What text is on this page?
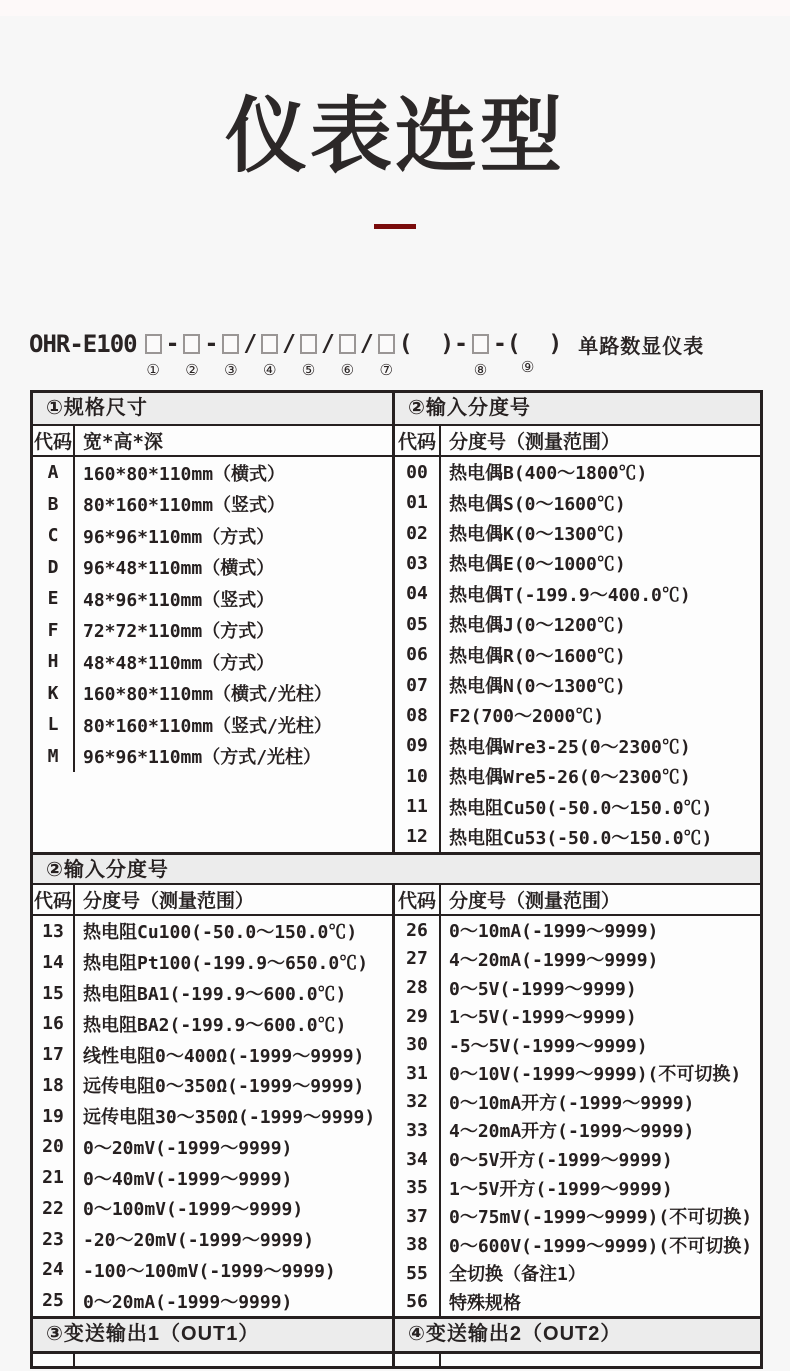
仪表选型
OHR-E100
①
-
②
-
③
/
④
/
⑤
/
⑥
/
⑦
(  )-
⑧
-(  )
⑨
单路数显仪表
①规格尺寸
代码 宽*高*深
A	160*80*110mm（横式）
B	80*160*110mm（竖式）
C	96*96*110mm（方式）
D	96*48*110mm（横式）
E	48*96*110mm（竖式）
F	72*72*110mm（方式）
H	48*48*110mm（方式）
K	160*80*110mm（横式/光柱）
L	80*160*110mm（竖式/光柱）
M	96*96*110mm（方式/光柱）
②输入分度号
代码 分度号（测量范围）
00	热电偶B(400～1800℃)
01	热电偶S(0～1600℃)
02	热电偶K(0～1300℃)
03	热电偶E(0～1000℃)
04	热电偶T(-199.9～400.0℃)
05	热电偶J(0～1200℃)
06	热电偶R(0～1600℃)
07	热电偶N(0～1300℃)
08	F2(700～2000℃)
09	热电偶Wre3-25(0～2300℃)
10	热电偶Wre5-26(0～2300℃)
11	热电阻Cu50(-50.0～150.0℃)
12	热电阻Cu53(-50.0～150.0℃)
②输入分度号
代码 分度号（测量范围）
13	热电阻Cu100(-50.0～150.0℃)
14	热电阻Pt100(-199.9～650.0℃)
15	热电阻BA1(-199.9～600.0℃)
16	热电阻BA2(-199.9～600.0℃)
17	线性电阻0～400Ω(-1999～9999)
18	远传电阻0～350Ω(-1999～9999)
19	远传电阻30～350Ω(-1999～9999)
20	0～20mV(-1999～9999)
21	0～40mV(-1999～9999)
22	0～100mV(-1999～9999)
23	-20～20mV(-1999～9999)
24	-100～100mV(-1999～9999)
25	0～20mA(-1999～9999)
代码 分度号（测量范围）
26	0～10mA(-1999～9999)
27	4～20mA(-1999～9999)
28	0～5V(-1999～9999)
29	1～5V(-1999～9999)
30	-5～5V(-1999～9999)
31	0～10V(-1999～9999)(不可切换)
32	0～10mA开方(-1999～9999)
33	4～20mA开方(-1999～9999)
34	0～5V开方(-1999～9999)
35	1～5V开方(-1999～9999)
37	0～75mV(-1999～9999)(不可切换)
38	0～600V(-1999～9999)(不可切换)
55	全切换（备注1）
56	特殊规格
③变送输出1（OUT1）	④变送输出2（OUT2）
